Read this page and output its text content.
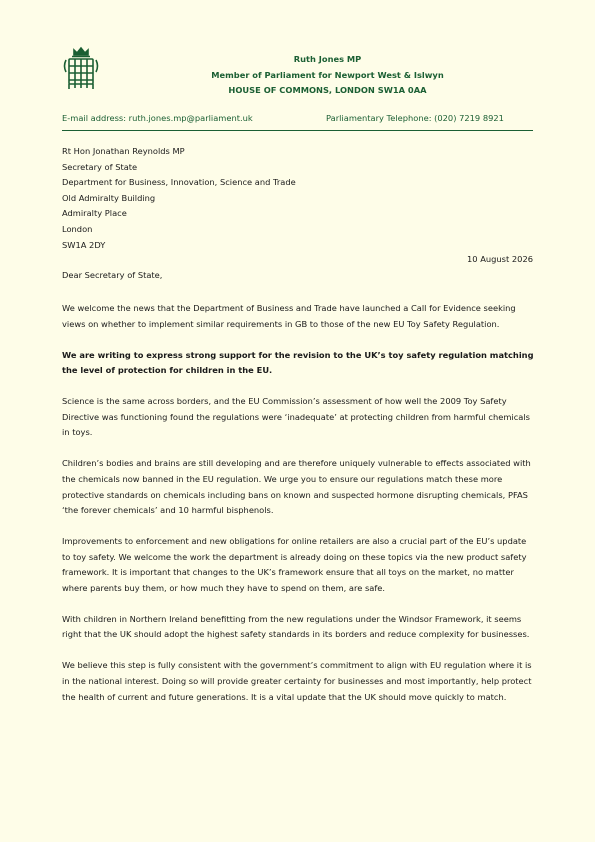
Ruth Jones MP
Member of Parliament for Newport West & Islwyn
HOUSE OF COMMONS, LONDON SW1A 0AA
E-mail address: ruth.jones.mp@parliament.uk	Parliamentary Telephone: (020) 7219 8921
Rt Hon Jonathan Reynolds MP
Secretary of State
Department for Business, Innovation, Science and Trade
Old Admiralty Building
Admiralty Place
London
SW1A 2DY
10 August 2026
Dear Secretary of State,

We welcome the news that the Department of Business and Trade have launched a Call for Evidence seeking views on whether to implement similar requirements in GB to those of the new EU Toy Safety Regulation.

We are writing to express strong support for the revision to the UK’s toy safety regulation matching the level of protection for children in the EU.

Science is the same across borders, and the EU Commission’s assessment of how well the 2009 Toy Safety Directive was functioning found the regulations were ‘inadequate’ at protecting children from harmful chemicals in toys.

Children’s bodies and brains are still developing and are therefore uniquely vulnerable to effects associated with the chemicals now banned in the EU regulation. We urge you to ensure our regulations match these more protective standards on chemicals including bans on known and suspected hormone disrupting chemicals, PFAS ‘the forever chemicals’ and 10 harmful bisphenols.

Improvements to enforcement and new obligations for online retailers are also a crucial part of the EU’s update to toy safety. We welcome the work the department is already doing on these topics via the new product safety framework. It is important that changes to the UK’s framework ensure that all toys on the market, no matter where parents buy them, or how much they have to spend on them, are safe.

With children in Northern Ireland benefitting from the new regulations under the Windsor Framework, it seems right that the UK should adopt the highest safety standards in its borders and reduce complexity for businesses.

We believe this step is fully consistent with the government’s commitment to align with EU regulation where it is in the national interest. Doing so will provide greater certainty for businesses and most importantly, help protect the health of current and future generations. It is a vital update that the UK should move quickly to match.
